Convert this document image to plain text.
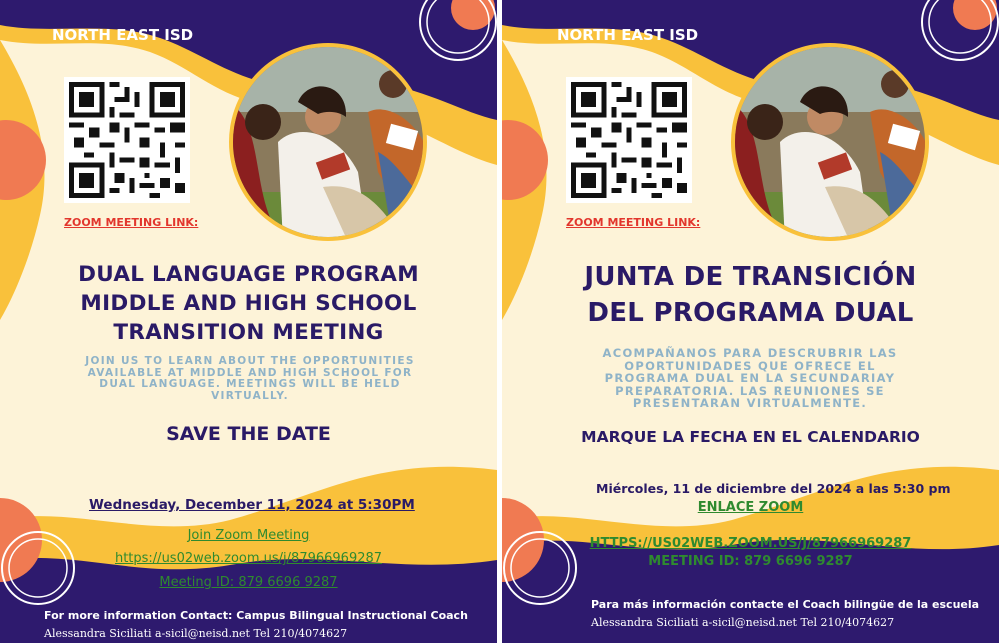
NORTH EAST ISD
ZOOM MEETING LINK:
DUAL LANGUAGE PROGRAM
MIDDLE AND HIGH SCHOOL
TRANSITION MEETING
JOIN US TO LEARN ABOUT THE OPPORTUNITIES
AVAILABLE AT MIDDLE AND HIGH SCHOOL FOR
DUAL LANGUAGE. MEETINGS WILL BE HELD
VIRTUALLY.
SAVE THE DATE
Wednesday, December 11, 2024 at 5:30PM
Join Zoom Meeting
https://us02web.zoom.us/j/87966969287
Meeting ID: 879 6696 9287
For more information Contact: Campus Bilingual Instructional Coach
Alessandra Siciliati a-sicil@neisd.net Tel 210/4074627
NORTH EAST ISD
ZOOM MEETING LINK:
JUNTA DE TRANSICIÓN
DEL PROGRAMA DUAL
ACOMPAÑANOS PARA DESCRUBRIR LAS
OPORTUNIDADES QUE OFRECE EL
PROGRAMA DUAL EN LA SECUNDARIAY
PREPARATORIA. LAS REUNIONES SE
PRESENTARAN VIRTUALMENTE.
MARQUE LA FECHA EN EL CALENDARIO
Miércoles, 11 de diciembre del 2024 a las 5:30 pm
ENLACE ZOOM
HTTPS://US02WEB.ZOOM.US/J/87966969287
MEETING ID: 879 6696 9287
Para más información contacte el Coach bilingüe de la escuela
Alessandra Siciliati a-sicil@neisd.net Tel 210/4074627
